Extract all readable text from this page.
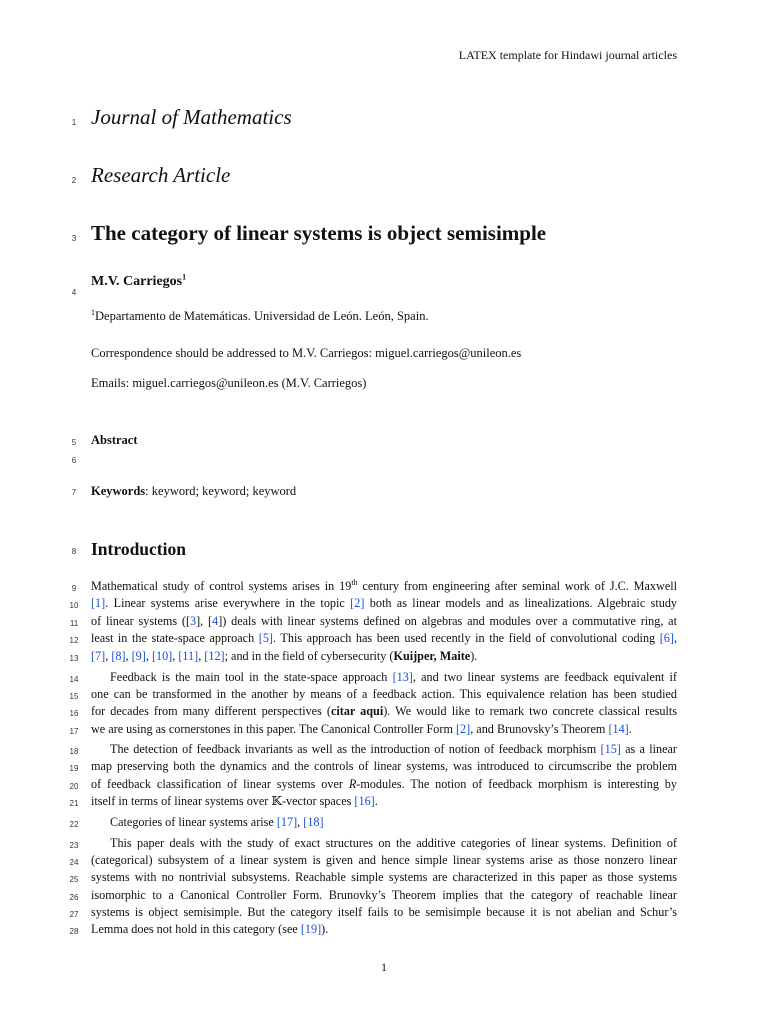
LATEX template for Hindawi journal articles
1
2
3
4
5
6
7
8
9
10
11
12
13
14
15
16
17
18
19
20
21
22
23
24
25
26
27
28
Journal of Mathematics
Research Article
The category of linear systems is object semisimple
M.V. Carriegos$^1$
$^1$Departamento de Matemáticas. Universidad de León. León, Spain.
Correspondence should be addressed to M.V. Carriegos: miguel.carriegos@unileon.es
Emails: miguel.carriegos@unileon.es (M.V. Carriegos)
Abstract
Keywords: keyword; keyword; keyword
Introduction
Mathematical study of control systems arises in 19th century from engineering after seminal work of J.C. Maxwell
[1]. Linear systems arise everywhere in the topic [2] both as linear models and as linealizations. Algebraic study
of linear systems ([3], [4]) deals with linear systems defined on algebras and modules over a commutative ring, at
least in the state-space approach [5]. This approach has been used recently in the field of convolutional coding [6],
[7], [8], [9], [10], [11], [12]; and in the field of cybersecurity (Kuijper, Maite).
Feedback is the main tool in the state-space approach [13], and two linear systems are feedback equivalent if
one can be transformed in the another by means of a feedback action. This equivalence relation has been studied
for decades from many different perspectives (citar aqui). We would like to remark two concrete classical results
we are using as cornerstones in this paper. The Canonical Controller Form [2], and Brunovsky’s Theorem [14].
The detection of feedback invariants as well as the introduction of notion of feedback morphism [15] as a linear
map preserving both the dynamics and the controls of linear systems, was introduced to circumscribe the problem
of feedback classification of linear systems over R-modules. The notion of feedback morphism is interesting by
itself in terms of linear systems over 𝕂-vector spaces [16].
Categories of linear systems arise [17], [18]
This paper deals with the study of exact structures on the additive categories of linear systems. Definition of
(categorical) subsystem of a linear system is given and hence simple linear systems arise as those nonzero linear
systems with no nontrivial subsystems. Reachable simple systems are characterized in this paper as those systems
isomorphic to a Canonical Controller Form. Brunovky’s Theorem implies that the category of reachable linear
systems is object semisimple. But the category itself fails to be semisimple because it is not abelian and Schur’s
Lemma does not hold in this category (see [19]).
1
